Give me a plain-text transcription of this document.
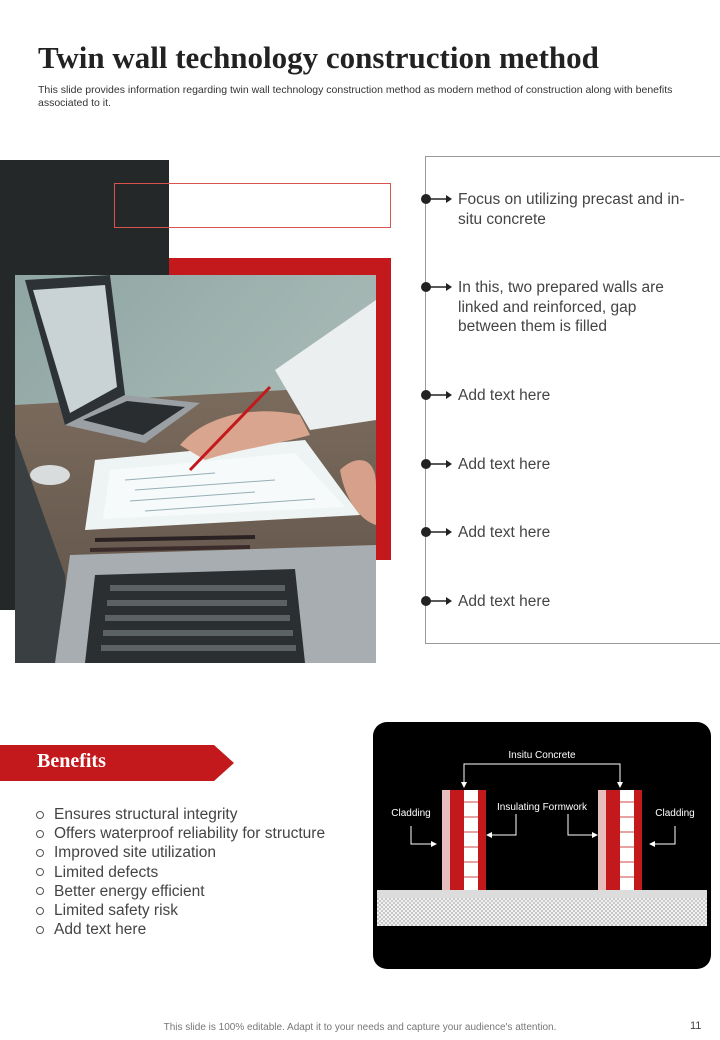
Twin wall technology construction method
This slide provides information regarding twin wall technology construction method as modern method of construction along with benefits associated to it.
Focus on utilizing precast and in-situ concrete
In this, two prepared walls are linked and reinforced, gap between them is filled
Add text here
Add text here
Add text here
Add text here
Benefits
Ensures structural integrity
Offers waterproof reliability for structure
Improved site utilization
Limited defects
Better energy efficient
Limited safety risk
Add text here
Insitu Concrete
Insulating Formwork
Cladding	Cladding
This slide is 100% editable. Adapt it to your needs and capture your audience's attention.	11
